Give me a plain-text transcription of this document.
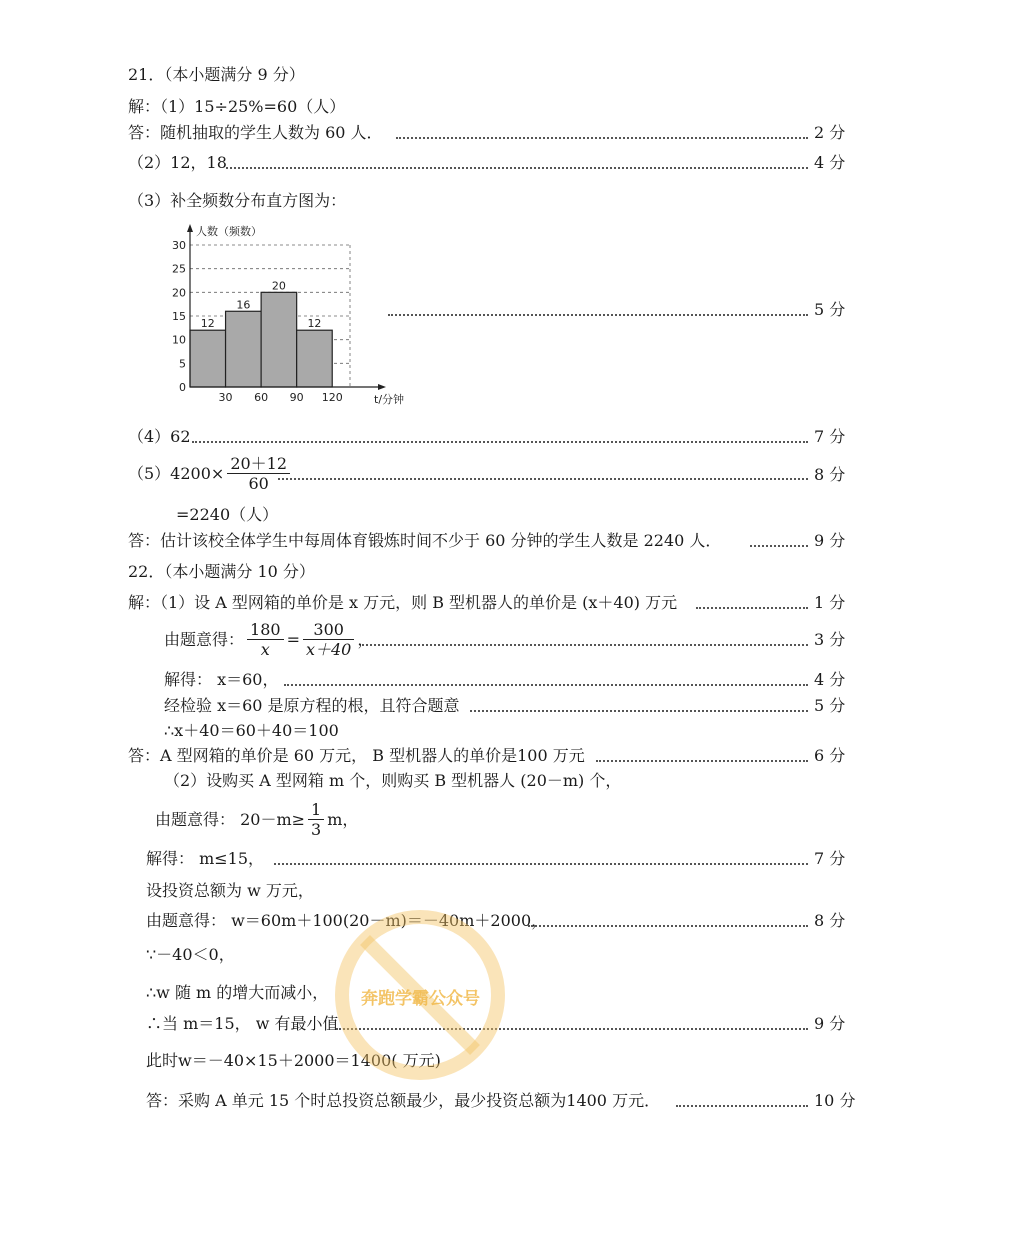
21．（本小题满分 9 分）
解：（1）15÷25%=60（人）
答：随机抽取的学生人数为 60 人．	2 分
（2）12，18	4 分
（3）补全频数分布直方图为：
12
16
20
12
0
5
10
15
20
25
30
30 60 90 120
人数（频数）
t/分钟
5 分
（4）62	7 分
$(5)4200\times \frac{20+12}{60}$	8 分
=2240（人）
答：估计该校全体学生中每周体育锻炼时间不少于 60 分钟的学生人数是 2240 人．	9 分
22．（本小题满分 10 分）
解：（1）设 A 型网箱的单价是 x 万元，则 B 型机器人的单价是 (x＋40) 万元	1 分
由题意得： $\frac{180}{x} = \frac{300}{x+40}$ ，	3 分
解得： x＝60，	4 分
经检验 x＝60 是原方程的根，且符合题意	5 分
∴x＋40＝60＋40＝100
答：A 型网箱的单价是 60 万元， B 型机器人的单价是100 万元	6 分
（2）设购买 A 型网箱 m 个，则购买 B 型机器人 (20－m) 个，
由题意得： $20-m\ge \frac{1}{3}$ m，
解得： m≤15，	7 分
设投资总额为 w 万元，
由题意得： w＝60m＋100(20－m)＝－40m＋2000，	8 分
∵－40＜0，
∴w 随 m 的增大而减小，
∴当 m＝15， w 有最小值	9 分
此时w＝－40×15＋2000＝1400( 万元)
答：采购 A 单元 15 个时总投资总额最少，最少投资总额为1400 万元．	10 分
奔跑学霸公众号
